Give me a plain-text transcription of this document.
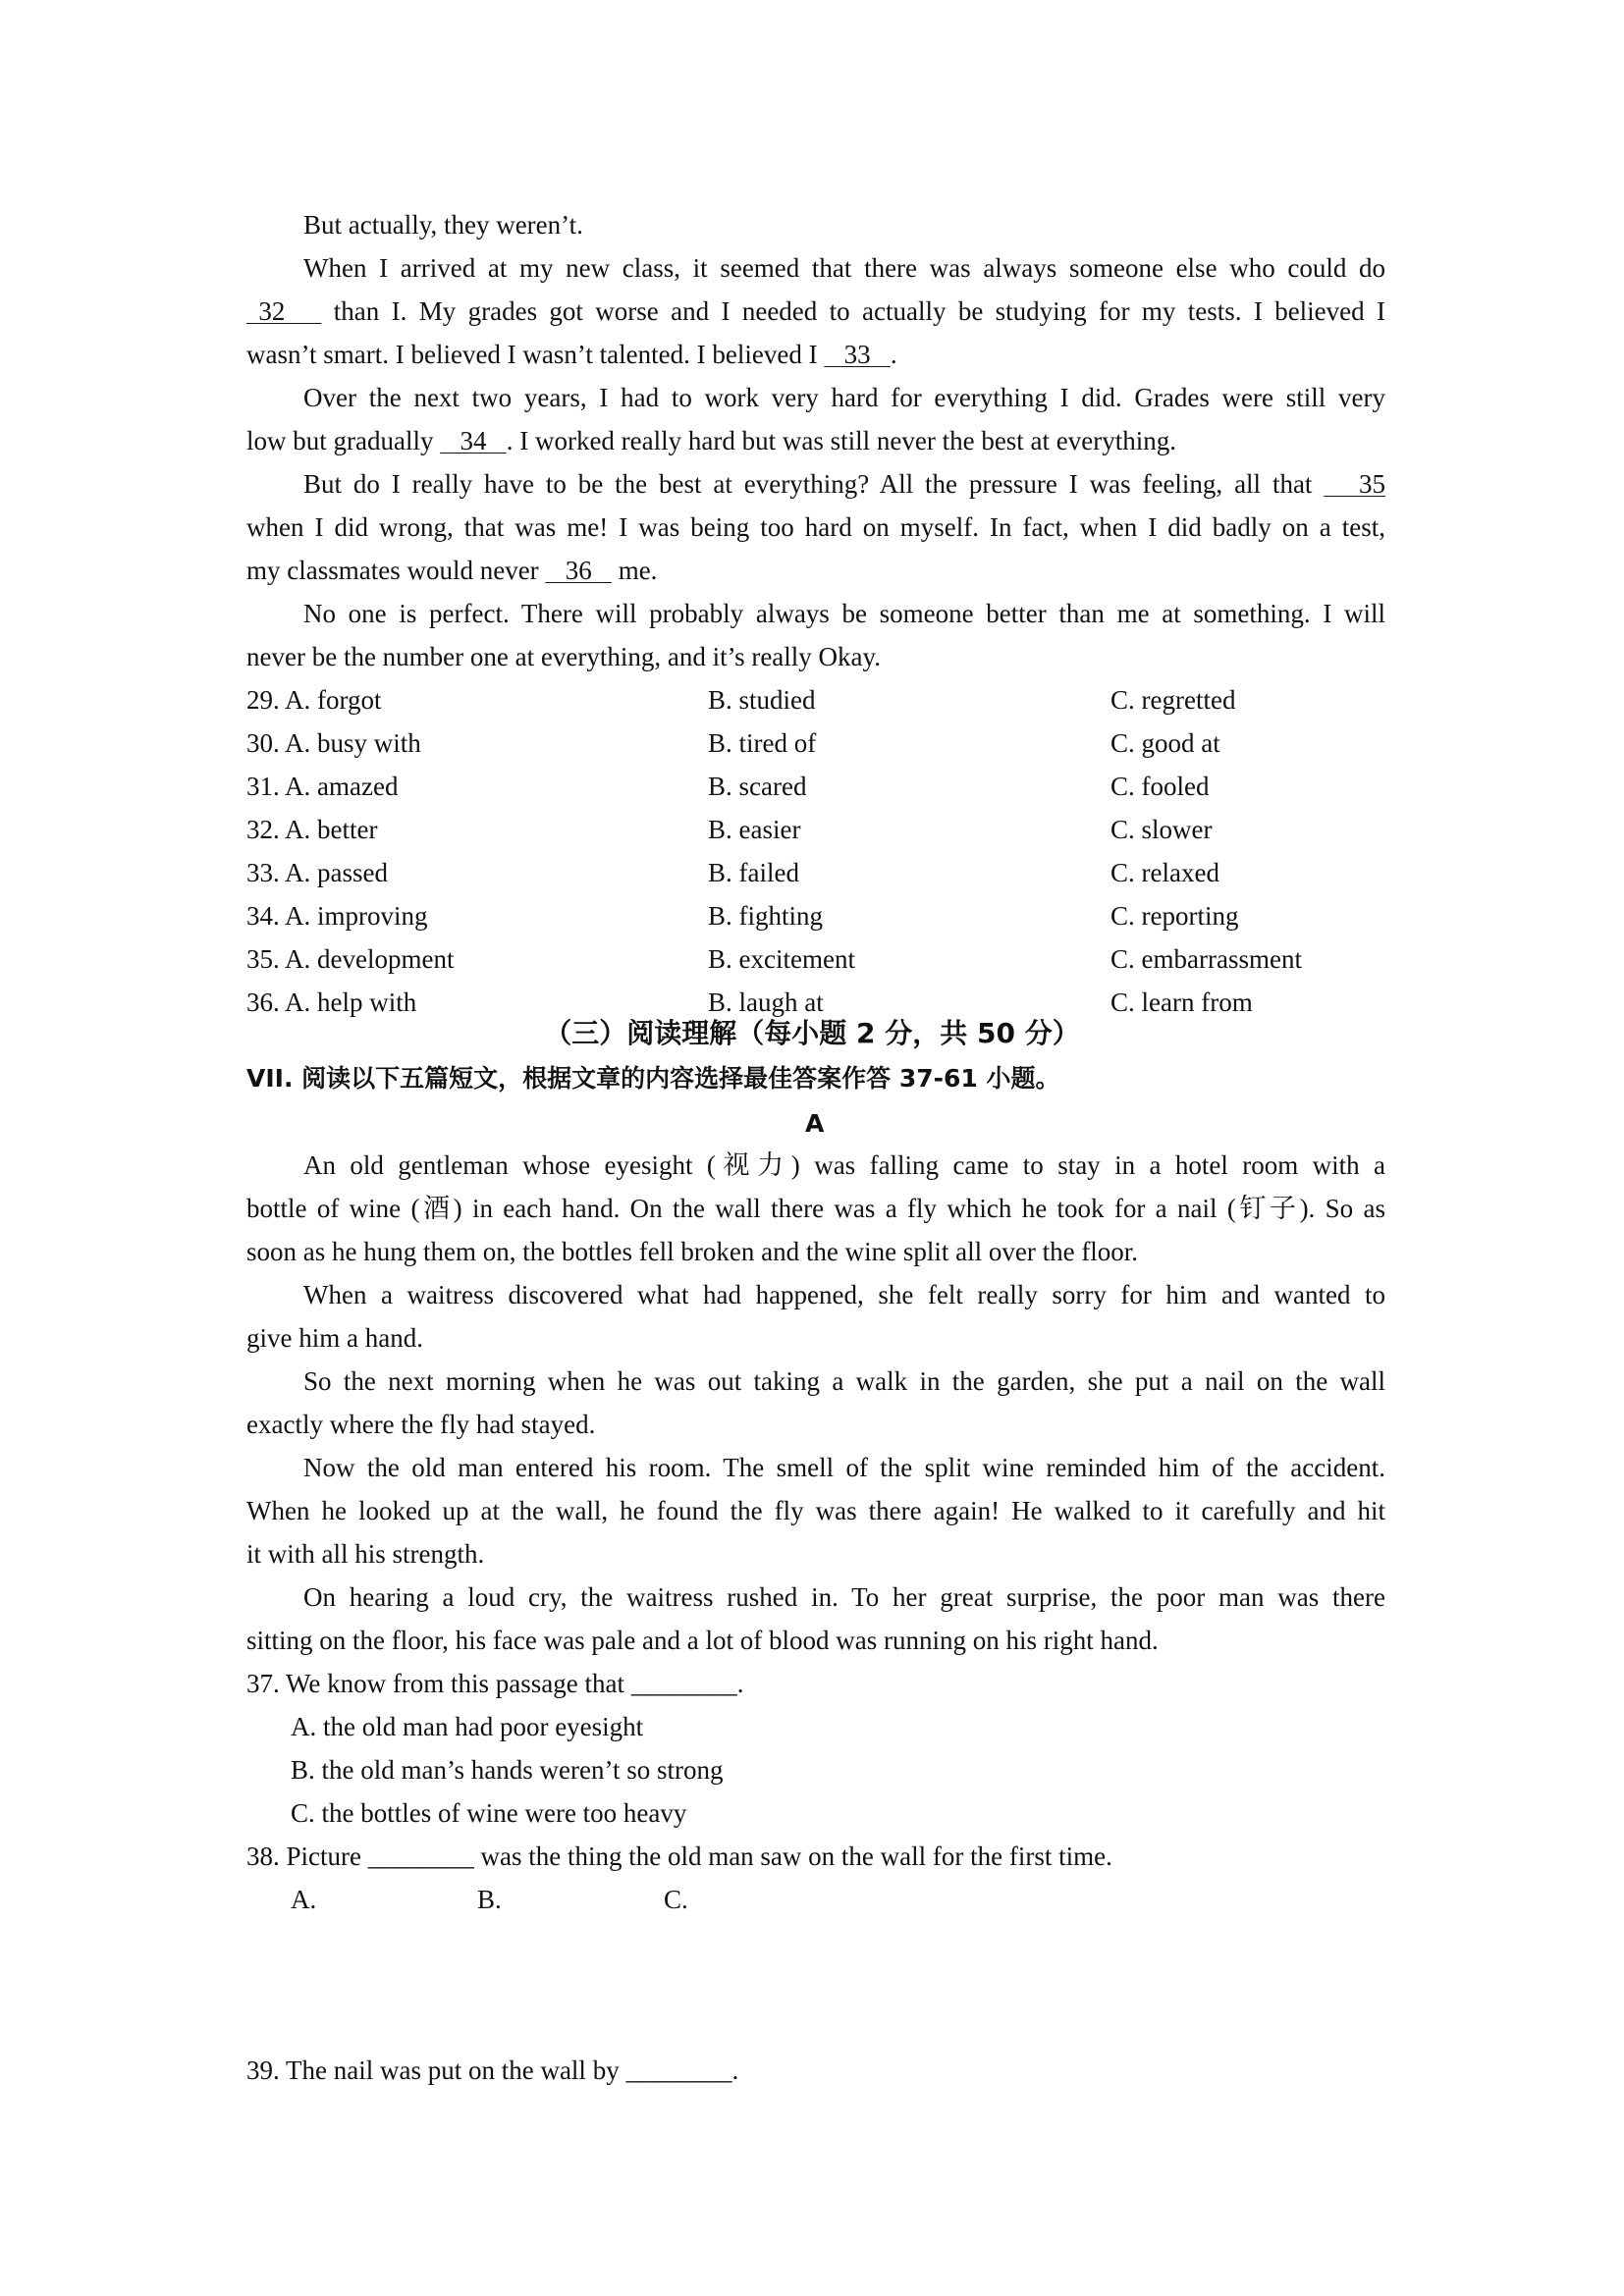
But actually, they weren’t.
When I arrived at my new class, it seemed that there was always someone else who could do
32    than I. My grades got worse and I needed to actually be studying for my tests. I believed I
wasn’t smart. I believed I wasn’t talented. I believed I    33 .
Over the next two years, I had to work very hard for everything I did. Grades were still very
low but gradually    34 . I worked really hard but was still never the best at everything.
But do I really have to be the best at everything? All the pressure I was feeling, all that    35
when I did wrong, that was me! I was being too hard on myself. In fact, when I did badly on a test,
my classmates would never    36    me.
No one is perfect. There will probably always be someone better than me at something. I will
never be the number one at everything, and it’s really Okay.
29. A. forgot	B. studied	C. regretted
30. A. busy with	B. tired of	C. good at
31. A. amazed	B. scared	C. fooled
32. A. better	B. easier	C. slower
33. A. passed	B. failed	C. relaxed
34. A. improving	B. fighting	C. reporting
35. A. development	B. excitement	C. embarrassment
36. A. help with	B. laugh at	C. learn from
（三）阅读理解（每小题 2 分，共 50 分）
VII. 阅读以下五篇短文，根据文章的内容选择最佳答案作答 37-61 小题。
A
An old gentleman whose eyesight (视力) was falling came to stay in a hotel room with a
bottle of wine (酒) in each hand. On the wall there was a fly which he took for a nail (钉子). So as
soon as he hung them on, the bottles fell broken and the wine split all over the floor.
When a waitress discovered what had happened, she felt really sorry for him and wanted to
give him a hand.
So the next morning when he was out taking a walk in the garden, she put a nail on the wall
exactly where the fly had stayed.
Now the old man entered his room. The smell of the split wine reminded him of the accident.
When he looked up at the wall, he found the fly was there again! He walked to it carefully and hit
it with all his strength.
On hearing a loud cry, the waitress rushed in. To her great surprise, the poor man was there
sitting on the floor, his face was pale and a lot of blood was running on his right hand.
37. We know from this passage that ________.
A. the old man had poor eyesight
B. the old man’s hands weren’t so strong
C. the bottles of wine were too heavy
38. Picture ________ was the thing the old man saw on the wall for the first time.
A.	B.	C.
39. The nail was put on the wall by ________.
